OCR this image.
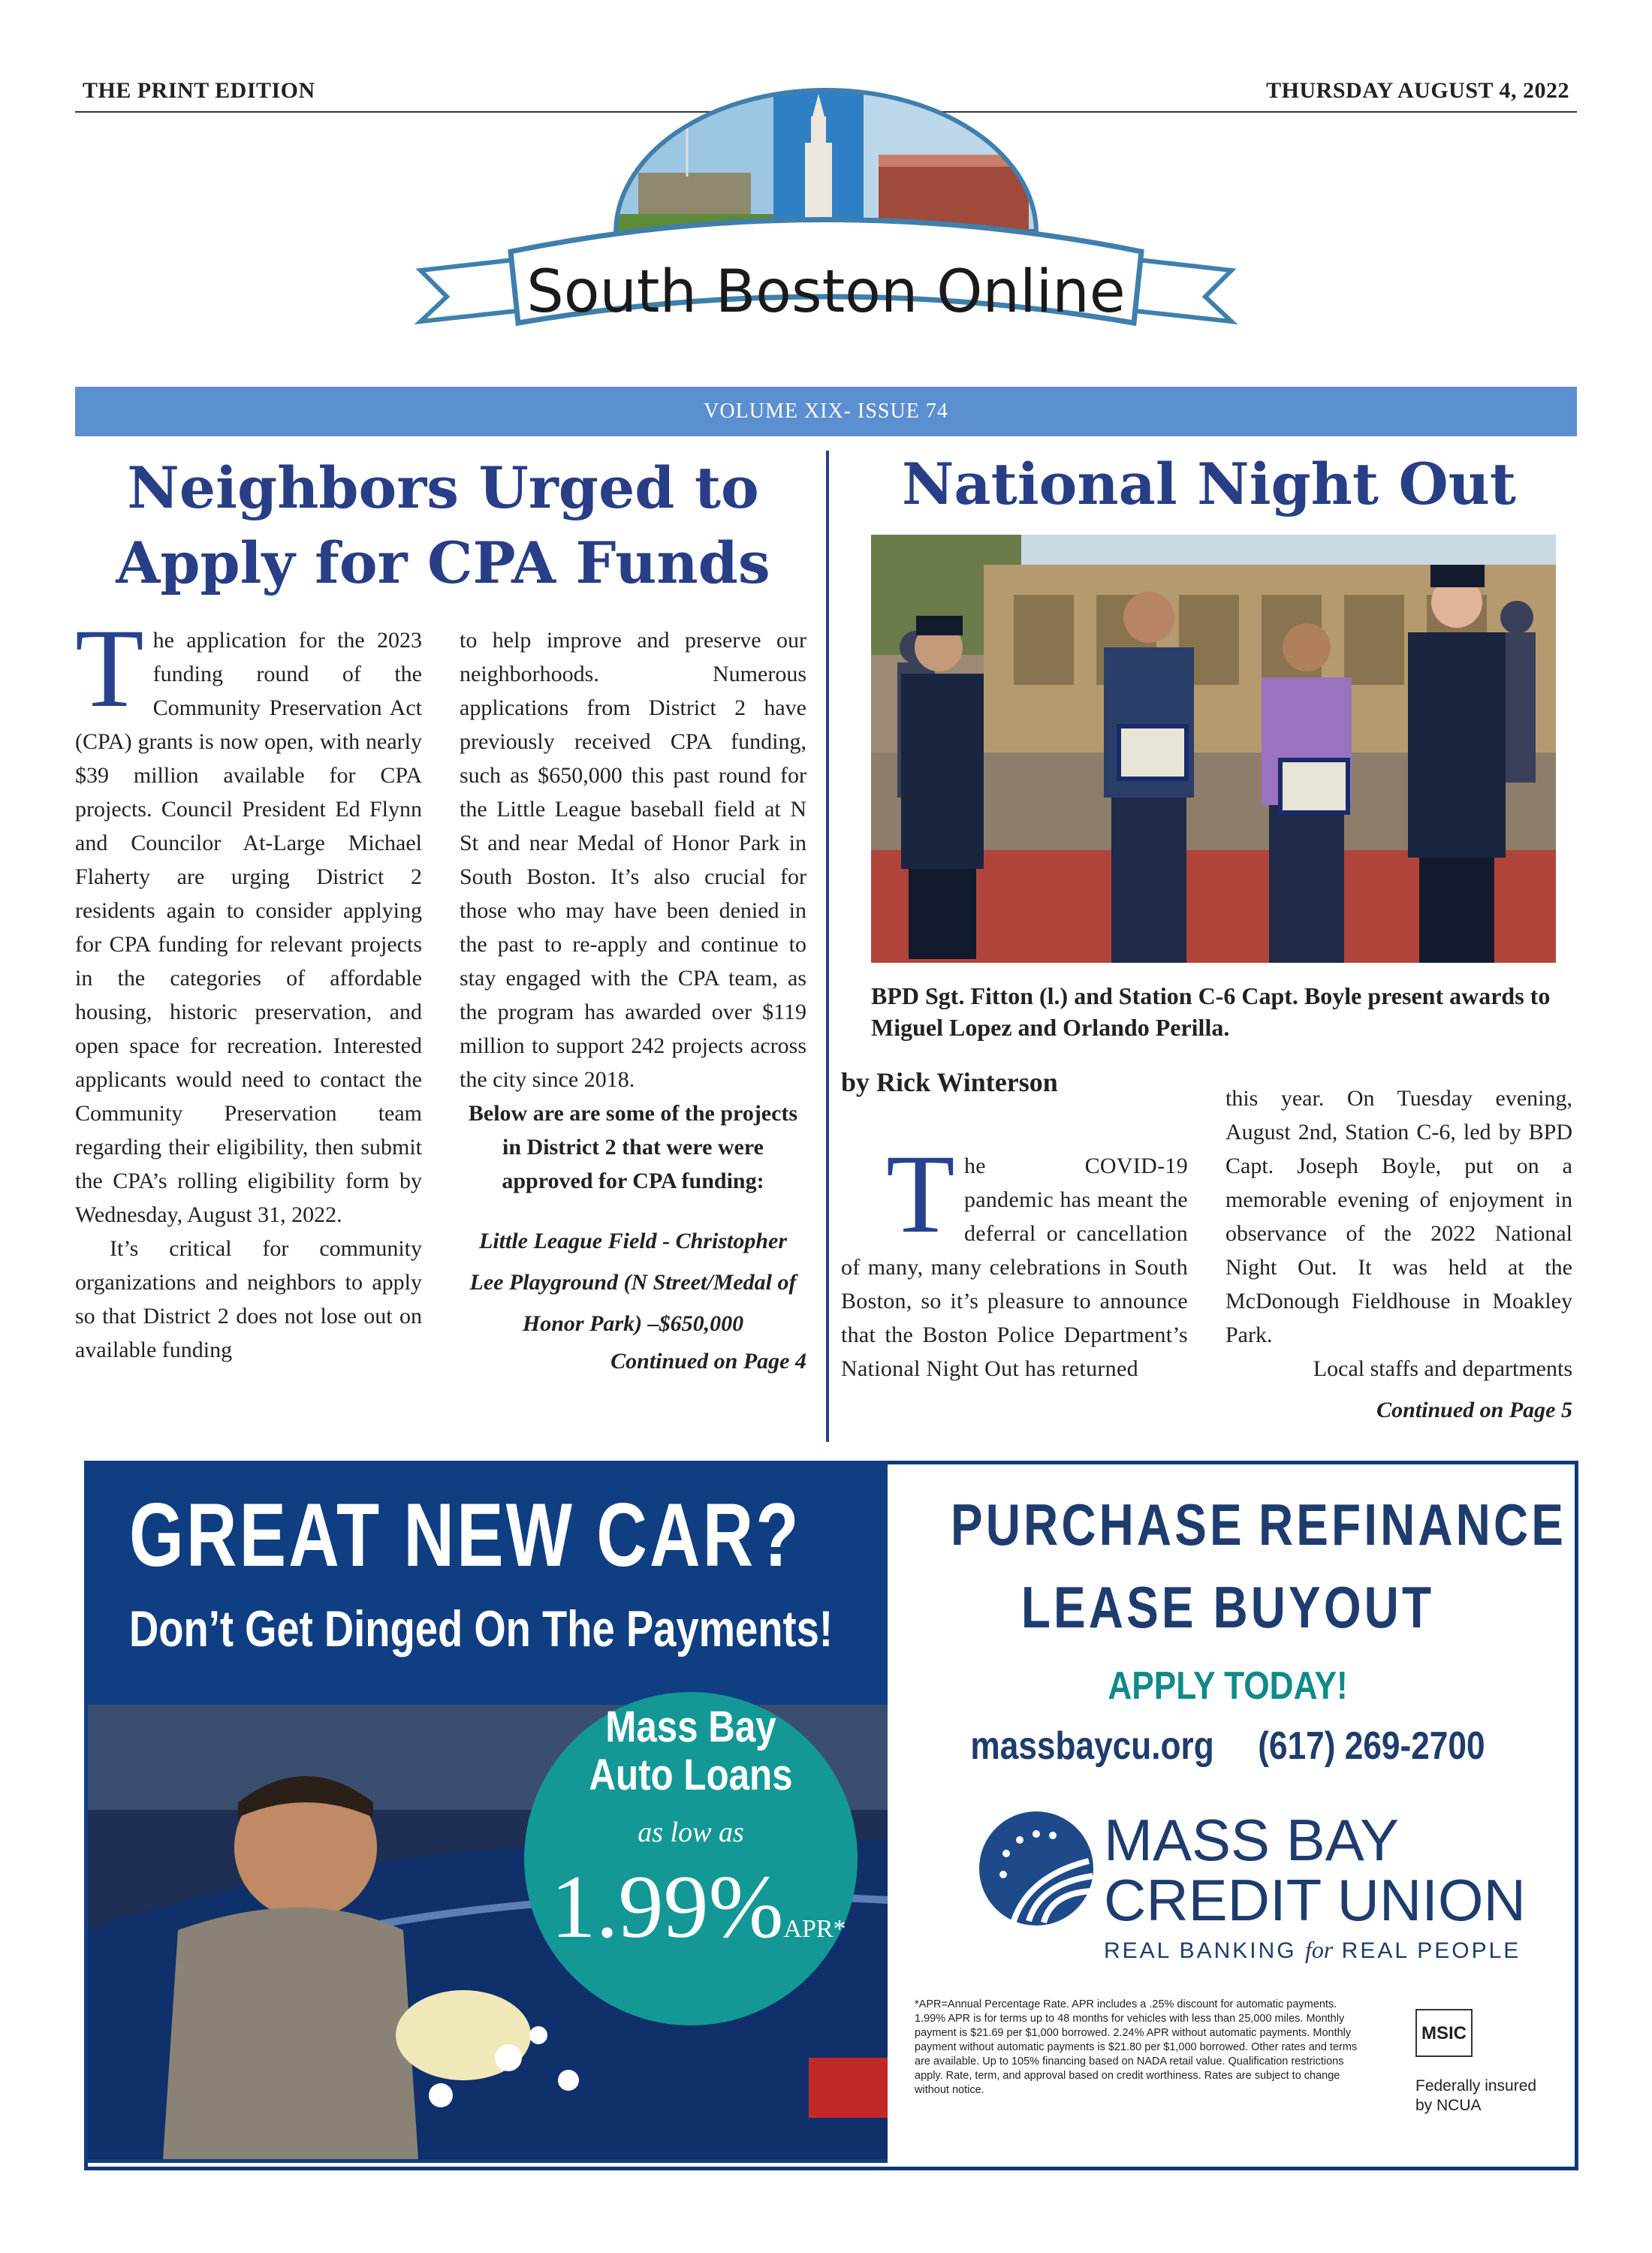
THE PRINT EDITION	THURSDAY AUGUST 4, 2022
South Boston Online
VOLUME XIX- ISSUE 74
Neighbors Urged to
Apply for CPA Funds

The application for the 2023 funding round of the Community Preservation Act (CPA) grants is now open, with nearly $39 million available for CPA projects. Council President Ed Flynn and Councilor At-Large Michael Flaherty are urging District 2 residents again to consider applying for CPA funding for relevant projects in the categories of affordable housing, historic preservation, and open space for recreation. Interested applicants would need to contact the Community Preservation team regarding their eligibility, then submit the CPA’s rolling eligibility form by Wednesday, August 31, 2022.

It’s critical for community organizations and neighbors to apply so that District 2 does not lose out on available funding

to help improve and preserve our neighborhoods. Numerous applications from District 2 have previously received CPA funding, such as $650,000 this past round for the Little League baseball field at N St and near Medal of Honor Park in South Boston. It’s also crucial for those who may have been denied in the past to re-apply and continue to stay engaged with the CPA team, as the program has awarded over $119 million to support 242 projects across the city since 2018.

Below are are some of the projects in District 2 that were were approved for CPA funding:

Little League Field - Christopher Lee Playground (N Street/Medal of Honor Park) –$650,000

Continued on Page 4

National Night Out
BPD Sgt. Fitton (l.) and Station C-6 Capt. Boyle present awards to Miguel Lopez and Orlando Perilla.
by Rick Winterson

The COVID-19 pandemic has meant the deferral or cancellation of many, many celebrations in South Boston, so it’s pleasure to announce that the Boston Police Department’s National Night Out has returned

this year. On Tuesday evening, August 2nd, Station C-6, led by BPD Capt. Joseph Boyle, put on a memorable evening of enjoyment in observance of the 2022 National Night Out. It was held at the McDonough Fieldhouse in Moakley Park.

Local staffs and departments

Continued on Page 5

GREAT NEW CAR?
Don’t Get Dinged On The Payments!
Mass Bay
Auto Loans
as low as
1.99%APR*
PURCHASE REFINANCE
LEASE BUYOUT
APPLY TODAY!
massbaycu.org (617) 269-2700
MASS BAY
CREDIT UNION
REAL BANKING for REAL PEOPLE
*APR=Annual Percentage Rate. APR includes a .25% discount for automatic payments. 1.99% APR is for terms up to 48 months for vehicles with less than 25,000 miles. Monthly payment is $21.69 per $1,000 borrowed. 2.24% APR without automatic payments. Monthly payment without automatic payments is $21.80 per $1,000 borrowed. Other rates and terms are available. Up to 105% financing based on NADA retail value. Qualification restrictions apply. Rate, term, and approval based on credit worthiness. Rates are subject to change without notice.
MSIC
Federally insured by NCUA
